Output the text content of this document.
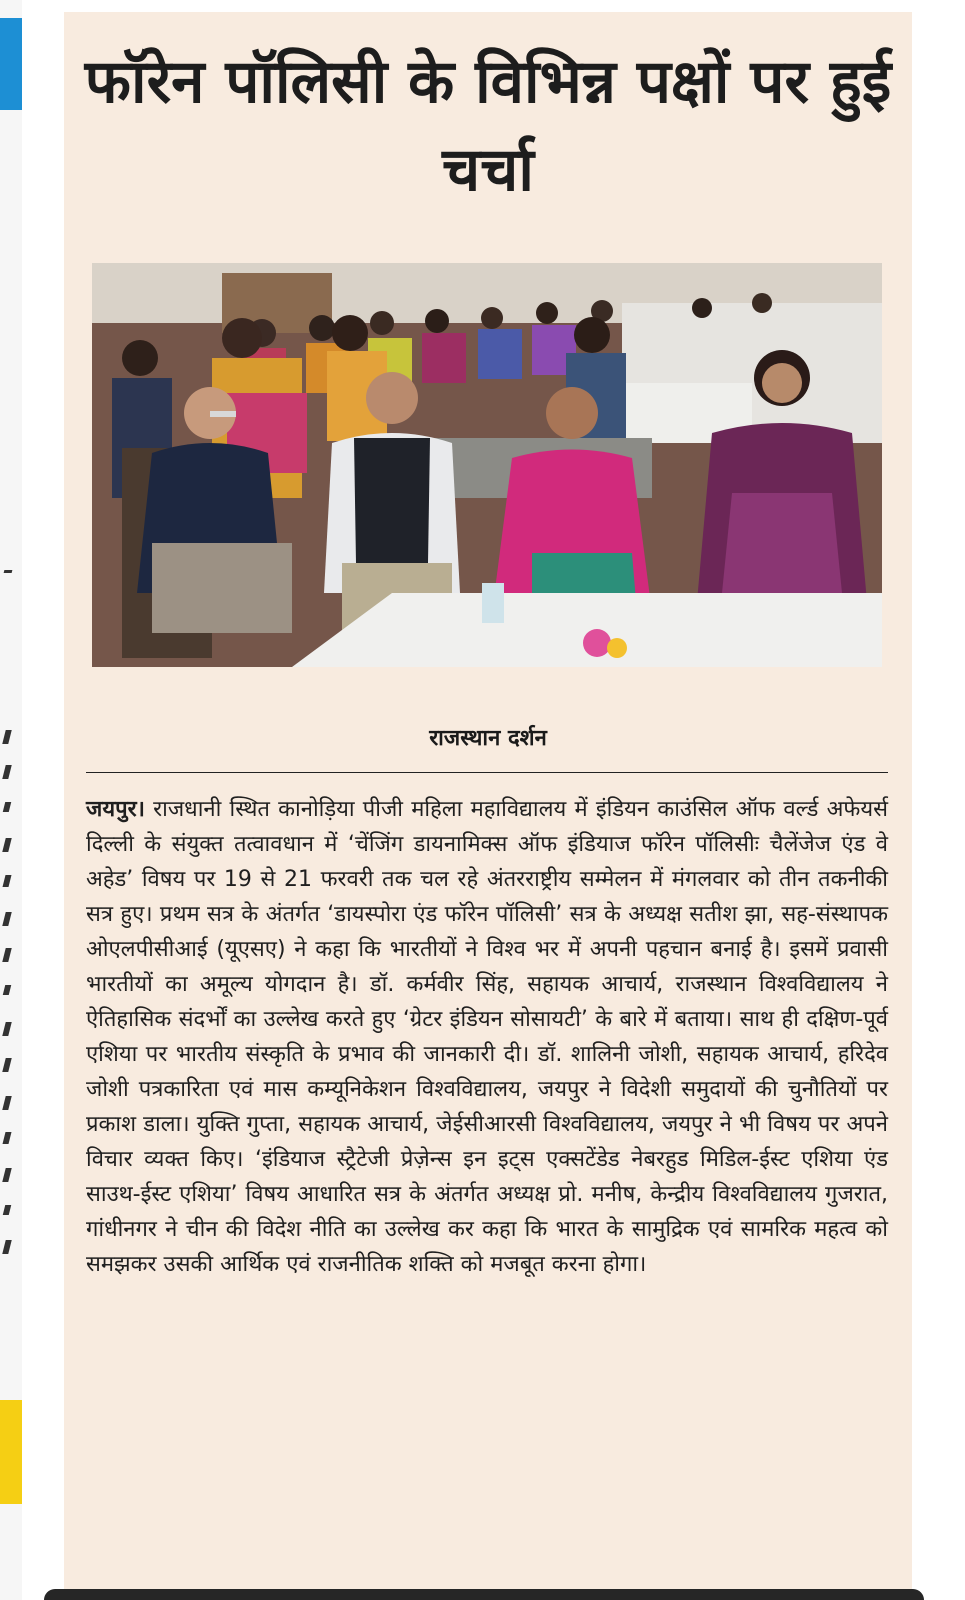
फॉरेन पॉलिसी के विभिन्न पक्षों पर हुई चर्चा
राजस्थान दर्शन

जयपुर। राजधानी स्थित कानोड़िया पीजी महिला महाविद्यालय में इंडियन काउंसिल ऑफ वर्ल्ड अफेयर्स दिल्ली के संयुक्त तत्वावधान में ‘चेंजिंग डायनामिक्स ऑफ इंडियाज फॉरेन पॉलिसीः चैलेंजेज एंड वे अहेड’ विषय पर 19 से 21 फरवरी तक चल रहे अंतरराष्ट्रीय सम्मेलन में मंगलवार को तीन तकनीकी सत्र हुए। प्रथम सत्र के अंतर्गत ‘डायस्पोरा एंड फॉरेन पॉलिसी’ सत्र के अध्यक्ष सतीश झा, सह-संस्थापक ओएलपीसीआई (यूएसए) ने कहा कि भारतीयों ने विश्व भर में अपनी पहचान बनाई है। इसमें प्रवासी भारतीयों का अमूल्य योगदान है। डॉ. कर्मवीर सिंह, सहायक आचार्य, राजस्थान विश्वविद्यालय ने ऐतिहासिक संदर्भों का उल्लेख करते हुए ‘ग्रेटर इंडियन सोसायटी’ के बारे में बताया। साथ ही दक्षिण-पूर्व एशिया पर भारतीय संस्कृति के प्रभाव की जानकारी दी। डॉ. शालिनी जोशी, सहायक आचार्य, हरिदेव जोशी पत्रकारिता एवं मास कम्यूनिकेशन विश्वविद्यालय, जयपुर ने विदेशी समुदायों की चुनौतियों पर प्रकाश डाला। युक्ति गुप्ता, सहायक आचार्य, जेईसीआरसी विश्वविद्यालय, जयपुर ने भी विषय पर अपने विचार व्यक्त किए। ‘इंडियाज स्ट्रैटेजी प्रेज़ेन्स इन इट्स एक्सटेंडेड नेबरहुड मिडिल-ईस्ट एशिया एंड साउथ-ईस्ट एशिया’ विषय आधारित सत्र के अंतर्गत अध्यक्ष प्रो. मनीष, केन्द्रीय विश्वविद्यालय गुजरात, गांधीनगर ने चीन की विदेश नीति का उल्लेख कर कहा कि भारत के सामुद्रिक एवं सामरिक महत्व को समझकर उसकी आर्थिक एवं राजनीतिक शक्ति को मजबूत करना होगा।
